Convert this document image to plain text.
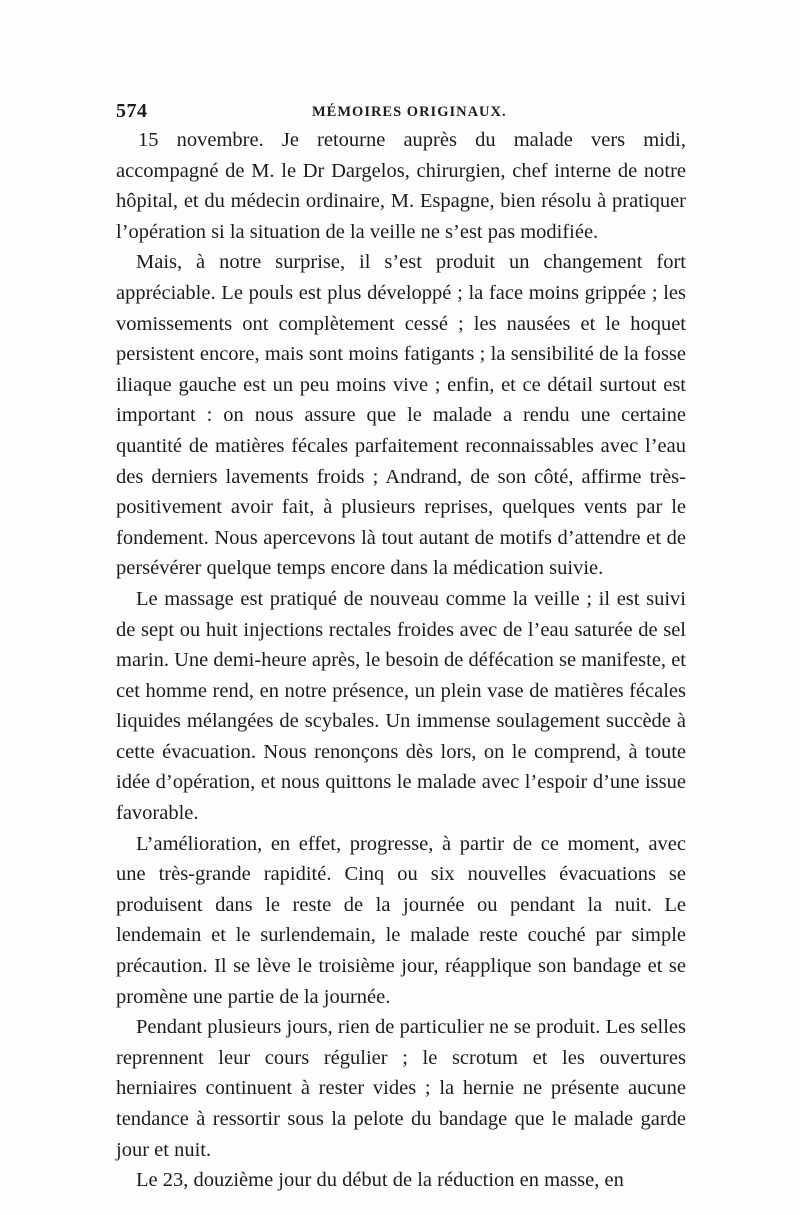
574	MÉMOIRES ORIGINAUX.

15 novembre. Je retourne auprès du malade vers midi, accompagné de M. le Dr Dargelos, chirurgien, chef interne de notre hôpital, et du médecin ordinaire, M. Espagne, bien résolu à pratiquer l’opération si la situation de la veille ne s’est pas modifiée.

Mais, à notre surprise, il s’est produit un changement fort appréciable. Le pouls est plus développé ; la face moins grippée ; les vomissements ont complètement cessé ; les nausées et le hoquet persistent encore, mais sont moins fatigants ; la sensibilité de la fosse iliaque gauche est un peu moins vive ; enfin, et ce détail surtout est important : on nous assure que le malade a rendu une certaine quantité de matières fécales parfaitement reconnaissables avec l’eau des derniers lavements froids ; Andrand, de son côté, affirme très-positivement avoir fait, à plusieurs reprises, quelques vents par le fondement. Nous apercevons là tout autant de motifs d’attendre et de persévérer quelque temps encore dans la médication suivie.

Le massage est pratiqué de nouveau comme la veille ; il est suivi de sept ou huit injections rectales froides avec de l’eau saturée de sel marin. Une demi-heure après, le besoin de défécation se manifeste, et cet homme rend, en notre présence, un plein vase de matières fécales liquides mélangées de scybales. Un immense soulagement succède à cette évacuation. Nous renonçons dès lors, on le comprend, à toute idée d’opération, et nous quittons le malade avec l’espoir d’une issue favorable.

L’amélioration, en effet, progresse, à partir de ce moment, avec une très-grande rapidité. Cinq ou six nouvelles évacuations se produisent dans le reste de la journée ou pendant la nuit. Le lendemain et le surlendemain, le malade reste couché par simple précaution. Il se lève le troisième jour, réapplique son bandage et se promène une partie de la journée.

Pendant plusieurs jours, rien de particulier ne se produit. Les selles reprennent leur cours régulier ; le scrotum et les ouvertures herniaires continuent à rester vides ; la hernie ne présente aucune tendance à ressortir sous la pelote du bandage que le malade garde jour et nuit.

Le 23, douzième jour du début de la réduction en masse, en
